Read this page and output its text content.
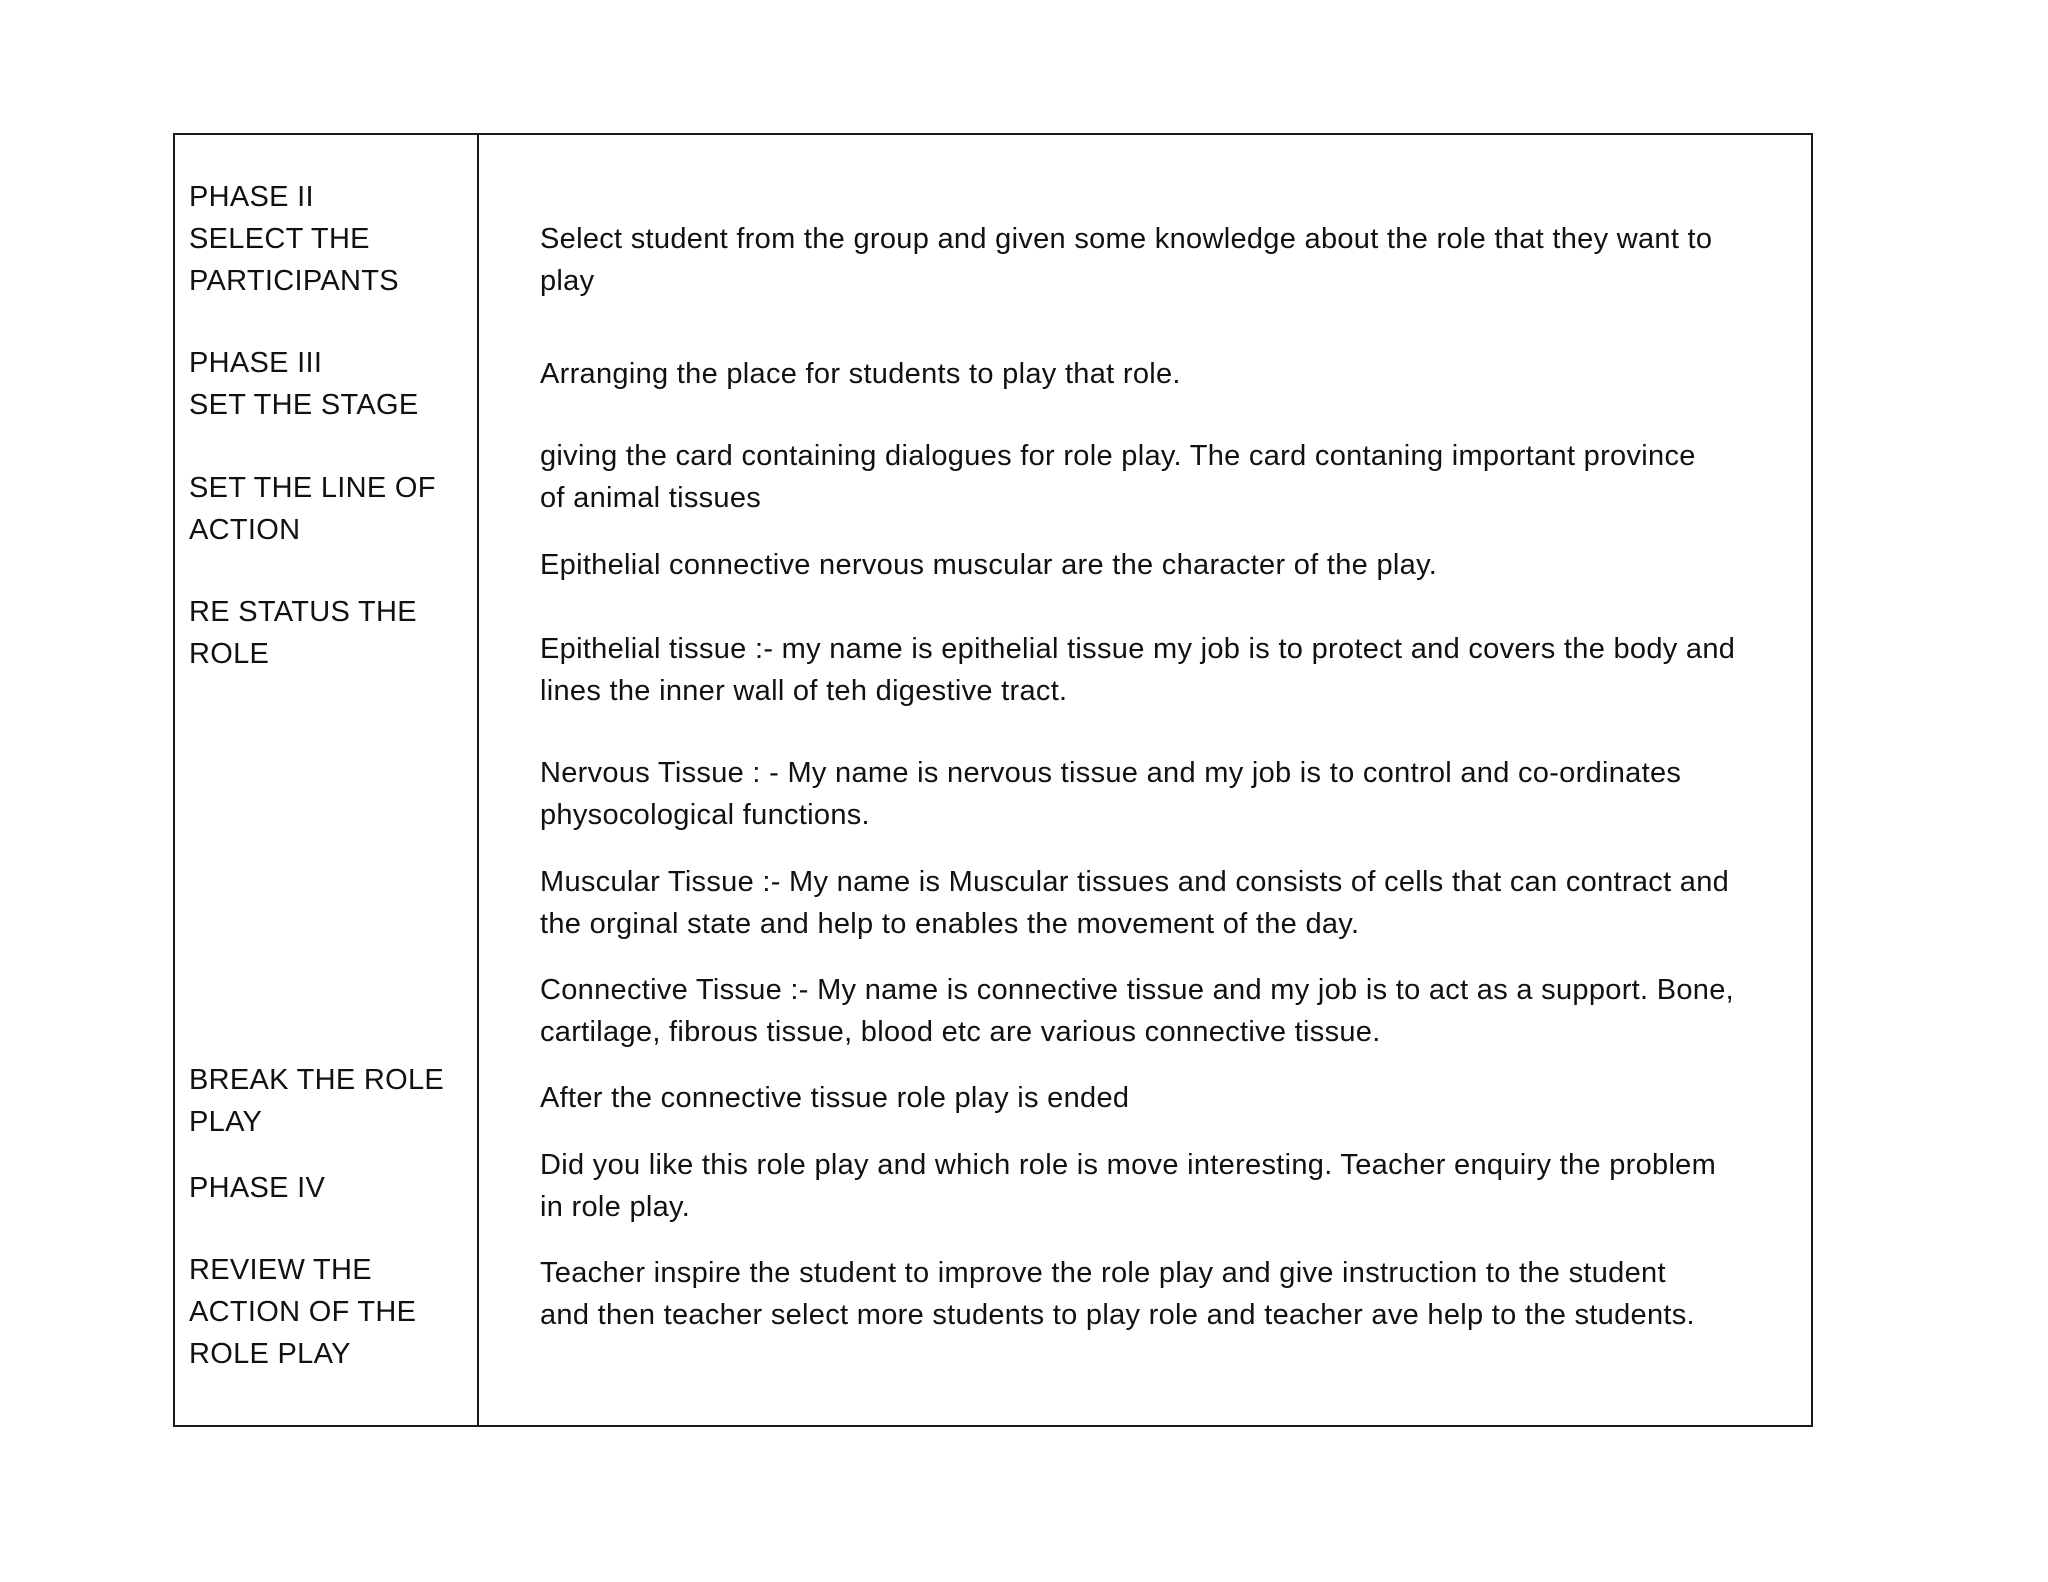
PHASE II
SELECT THE
PARTICIPANTS
PHASE III
SET THE STAGE
SET THE LINE OF
ACTION
RE STATUS THE
ROLE
BREAK THE ROLE
PLAY
PHASE IV
REVIEW THE
ACTION OF THE
ROLE PLAY
Select student from the group and given some knowledge about the role that they want to
play
Arranging the place for students to play that role.
giving the card containing dialogues for role play. The card contaning important province
of animal tissues
Epithelial connective nervous muscular are the character of the play.
Epithelial tissue :- my name is epithelial tissue my job is to protect and covers the body and
lines the inner wall of teh digestive tract.
Nervous Tissue : - My name is nervous tissue and my job is to control and co-ordinates
physocological functions.
Muscular Tissue :- My name is Muscular tissues and consists of cells that can contract and
the orginal state and help to enables the movement of the day.
Connective Tissue :- My name is connective tissue and my job is to act as a support. Bone,
cartilage, fibrous tissue, blood etc are various connective tissue.
After the connective tissue role play is ended
Did you like this role play and which role is move interesting. Teacher enquiry the problem
in role play.
Teacher inspire the student to improve the role play and give instruction to the student
and then teacher select more students to play role and teacher ave help to the students.
